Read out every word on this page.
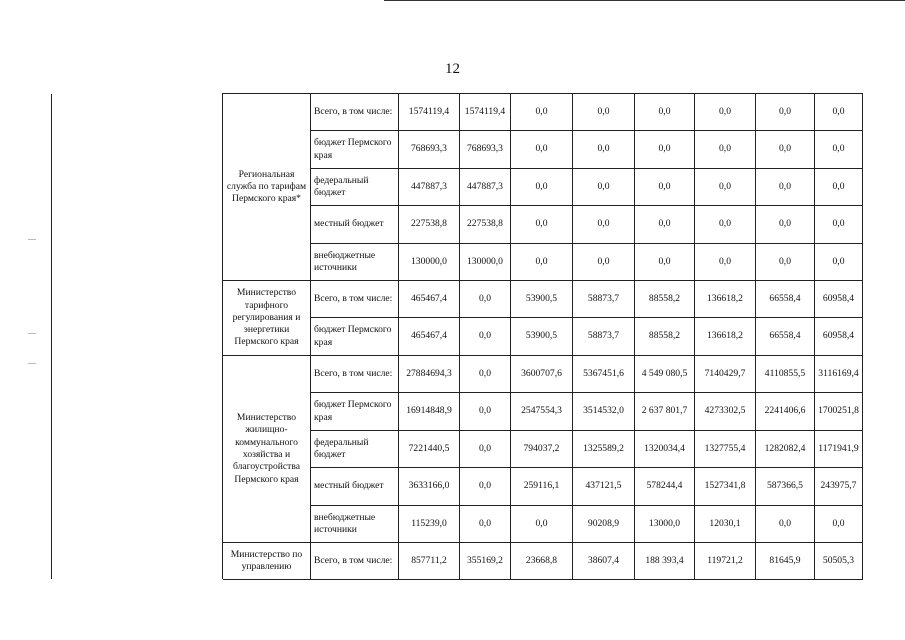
12
	Региональная служба по тарифам Пермского края*	Всего, в том числе:	1574119,4	1574119,4	0,0	0,0	0,0	0,0	0,0	0,0
		бюджет Пермского края	768693,3	768693,3	0,0	0,0	0,0	0,0	0,0	0,0
		федеральный бюджет	447887,3	447887,3	0,0	0,0	0,0	0,0	0,0	0,0
		местный бюджет	227538,8	227538,8	0,0	0,0	0,0	0,0	0,0	0,0
		внебюджетные источники	130000,0	130000,0	0,0	0,0	0,0	0,0	0,0	0,0
	Министерство тарифного регулирования и энергетики Пермского края	Всего, в том числе:	465467,4	0,0	53900,5	58873,7	88558,2	136618,2	66558,4	60958,4
		бюджет Пермского края	465467,4	0,0	53900,5	58873,7	88558,2	136618,2	66558,4	60958,4
	Министерство жилищно-коммунального хозяйства и благоустройства Пермского края	Всего, в том числе:	27884694,3	0,0	3600707,6	5367451,6	4 549 080,5	7140429,7	4110855,5	3116169,4
		бюджет Пермского края	16914848,9	0,0	2547554,3	3514532,0	2 637 801,7	4273302,5	2241406,6	1700251,8
		федеральный бюджет	7221440,5	0,0	794037,2	1325589,2	1320034,4	1327755,4	1282082,4	1171941,9
		местный бюджет	3633166,0	0,0	259116,1	437121,5	578244,4	1527341,8	587366,5	243975,7
		внебюджетные источники	115239,0	0,0	0,0	90208,9	13000,0	12030,1	0,0	0,0
	Министерство по управлению	Всего, в том числе:	857711,2	355169,2	23668,8	38607,4	188 393,4	119721,2	81645,9	50505,3
